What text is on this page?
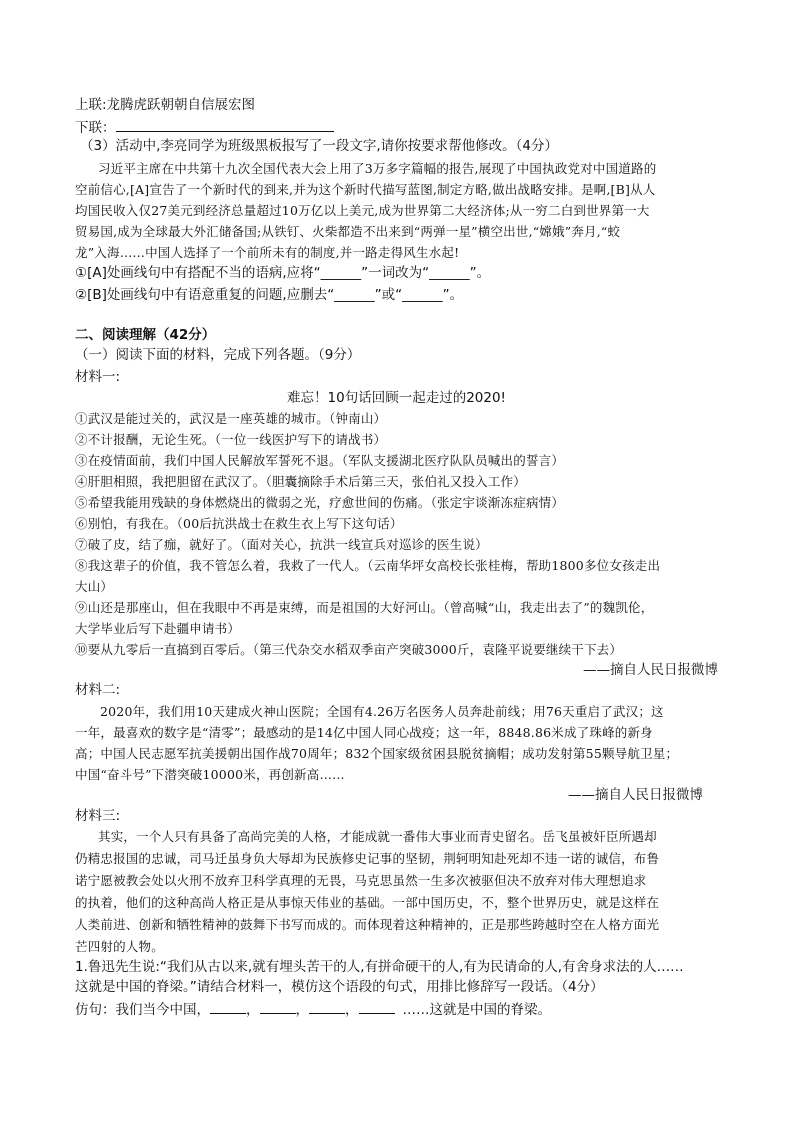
上联:龙腾虎跃朝朝自信展宏图
下联：
（3）活动中,李亮同学为班级黑板报写了一段文字,请你按要求帮他修改。（4分）
习近平主席在中共第十九次全国代表大会上用了3万多字篇幅的报告,展现了中国执政党对中国道路的
空前信心,[A]宣告了一个新时代的到来,并为这个新时代描写蓝图,制定方略,做出战略安排。是啊,[B]从人
均国民收入仅27美元到经济总量超过10万亿以上美元,成为世界第二大经济体;从一穷二白到世界第一大
贸易国,成为全球最大外汇储备国;从铁钉、火柴都造不出来到“两弹一星”横空出世,“嫦娥”奔月,“蛟
龙”入海……中国人选择了一个前所未有的制度,并一路走得风生水起!
①[A]处画线句中有搭配不当的语病,应将“______”一词改为“______”。
②[B]处画线句中有语意重复的问题,应删去“______”或“______”。
二、阅读理解（42分）
（一）阅读下面的材料，完成下列各题。（9分）
材料一:
难忘！10句话回顾一起走过的2020!
①武汉是能过关的，武汉是一座英雄的城市。（钟南山）
②不计报酬，无论生死。（一位一线医护写下的请战书）
③在疫情面前，我们中国人民解放军誓死不退。（军队支援湖北医疗队队员喊出的誓言）
④肝胆相照，我把胆留在武汉了。（胆囊摘除手术后第三天，张伯礼又投入工作）
⑤希望我能用残缺的身体燃烧出的微弱之光，疗愈世间的伤痛。（张定宇谈渐冻症病情）
⑥别怕，有我在。（00后抗洪战士在救生衣上写下这句话）
⑦破了皮，结了痂，就好了。（面对关心，抗洪一线宣兵对巡诊的医生说）
⑧我这辈子的价值，我不管怎么着，我救了一代人。（云南华坪女高校长张桂梅，帮助1800多位女孩走出
大山）
⑨山还是那座山，但在我眼中不再是束缚，而是祖国的大好河山。（曾高喊“山，我走出去了”的魏凯伦，
大学毕业后写下赴疆申请书）
⑩要从九零后一直搞到百零后。（第三代杂交水稻双季亩产突破3000斤，袁隆平说要继续干下去）
——摘自人民日报微博
材料二:
2020年，我们用10天建成火神山医院；全国有4.26万名医务人员奔赴前线；用76天重启了武汉；这
一年，最喜欢的数字是“清零”；最感动的是14亿中国人同心战疫；这一年，8848.86米成了珠峰的新身
高；中国人民志愿军抗美援朝出国作战70周年；832个国家级贫困县脱贫摘帽；成功发射第55颗导航卫星；
中国“奋斗号”下潜突破10000米，再创新高……
——摘自人民日报微博
材料三:
其实，一个人只有具备了高尚完美的人格，才能成就一番伟大事业而青史留名。岳飞虽被奸臣所遇却
仍精忠报国的忠诚，司马迁虽身负大辱却为民族修史记事的坚韧，荆轲明知赴死却不违一诺的诚信，布鲁
诺宁愿被教会处以火刑不放弃卫科学真理的无畏，马克思虽然一生多次被驱但决不放弃对伟大理想追求
的执着，他们的这种高尚人格正是从事惊天伟业的基础。一部中国历史，不，整个世界历史，就是这样在
人类前进、创新和牺牲精神的鼓舞下书写而成的。而体现着这种精神的，正是那些跨越时空在人格方面光
芒四射的人物。
1.鲁迅先生说:“我们从古以来,就有埋头苦干的人,有拼命硬干的人,有为民请命的人,有舍身求法的人……
这就是中国的脊梁。”请结合材料一，模仿这个语段的句式，用排比修辞写一段话。（4分）
仿句：我们当今中国，	，	，	，	……这就是中国的脊梁。
